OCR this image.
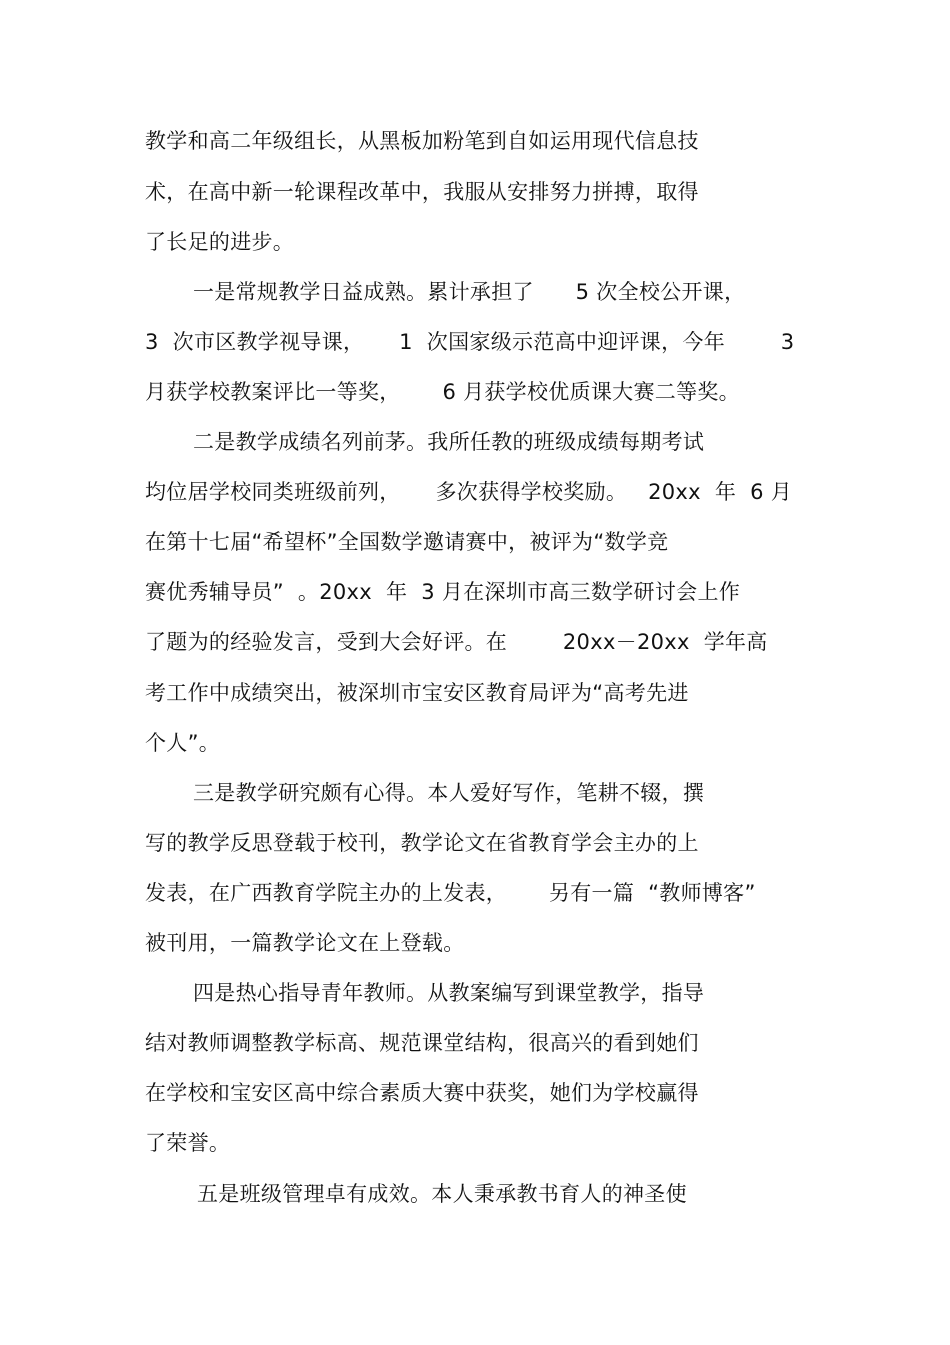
教学和高二年级组长，从黑板加粉笔到自如运用现代信息技
术，在高中新一轮课程改革中，我服从安排努力拼搏，取得
了长足的进步。
一是常规教学日益成熟。累计承担了      5 次全校公开课，
3  次市区教学视导课，     1  次国家级示范高中迎评课，今年        3
月获学校教案评比一等奖，      6 月获学校优质课大赛二等奖。
二是教学成绩名列前茅。我所任教的班级成绩每期考试
均位居学校同类班级前列，     多次获得学校奖励。   20xx  年  6 月
在第十七届“希望杯”全国数学邀请赛中，被评为“数学竞
赛优秀辅导员”  。20xx  年  3 月在深圳市高三数学研讨会上作
了题为的经验发言，受到大会好评。在        20xx－20xx  学年高
考工作中成绩突出，被深圳市宝安区教育局评为“高考先进
个人”。
三是教学研究颇有心得。本人爱好写作，笔耕不辍，撰
写的教学反思登载于校刊，教学论文在省教育学会主办的上
发表，在广西教育学院主办的上发表，      另有一篇  “教师博客”
被刊用，一篇教学论文在上登载。
四是热心指导青年教师。从教案编写到课堂教学，指导
结对教师调整教学标高、规范课堂结构，很高兴的看到她们
在学校和宝安区高中综合素质大赛中获奖，她们为学校赢得
了荣誉。
五是班级管理卓有成效。本人秉承教书育人的神圣使
